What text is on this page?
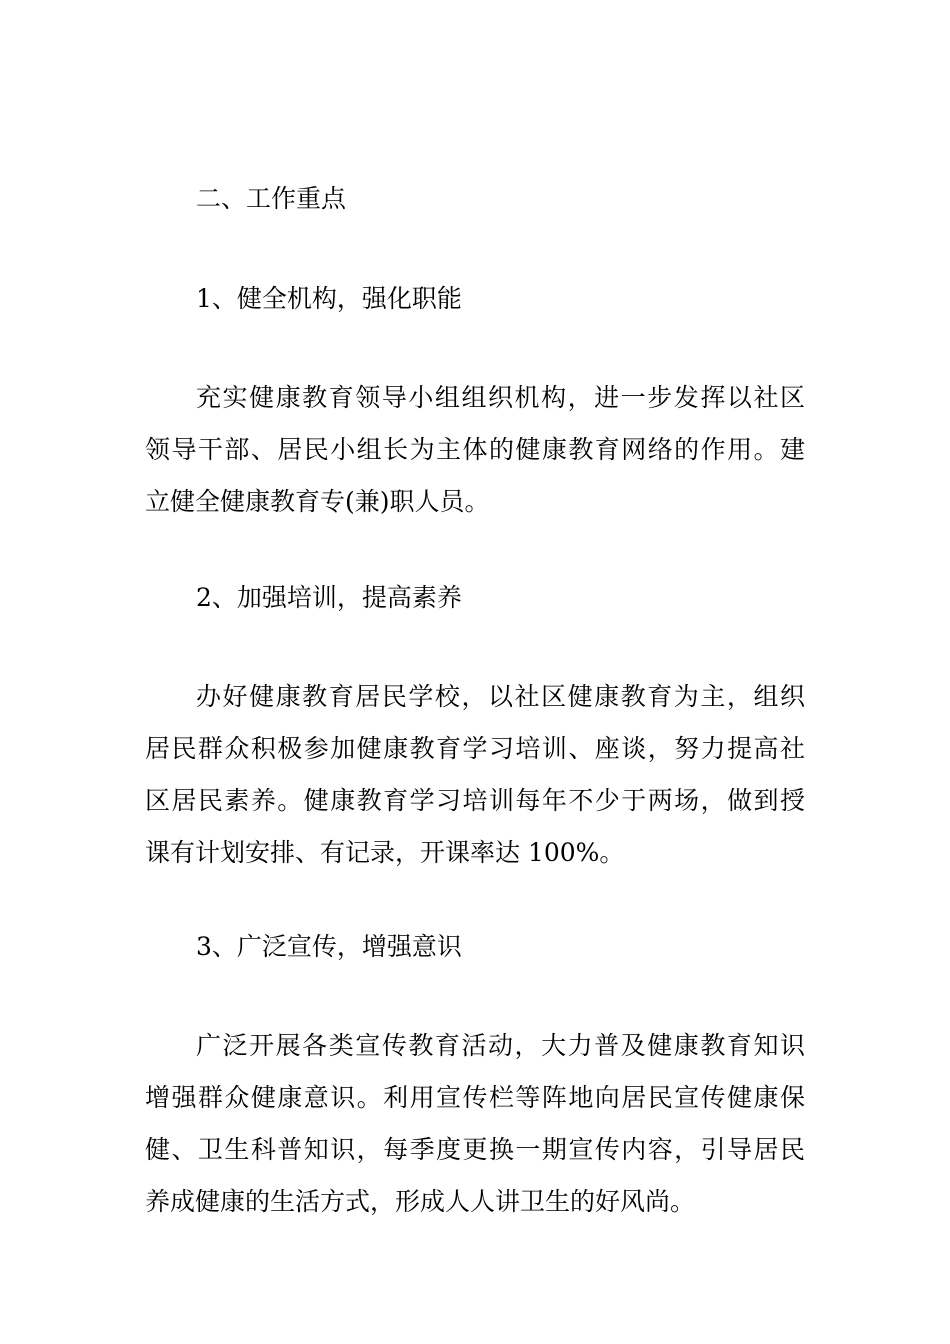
二、工作重点
1、健全机构，强化职能
充实健康教育领导小组组织机构，进一步发挥以社区
领导干部、居民小组长为主体的健康教育网络的作用。建
立健全健康教育专(兼)职人员。
2、加强培训，提高素养
办好健康教育居民学校，以社区健康教育为主，组织
居民群众积极参加健康教育学习培训、座谈，努力提高社
区居民素养。健康教育学习培训每年不少于两场，做到授
课有计划安排、有记录，开课率达 100%。
3、广泛宣传，增强意识
广泛开展各类宣传教育活动，大力普及健康教育知识
增强群众健康意识。利用宣传栏等阵地向居民宣传健康保
健、卫生科普知识，每季度更换一期宣传内容，引导居民
养成健康的生活方式，形成人人讲卫生的好风尚。
